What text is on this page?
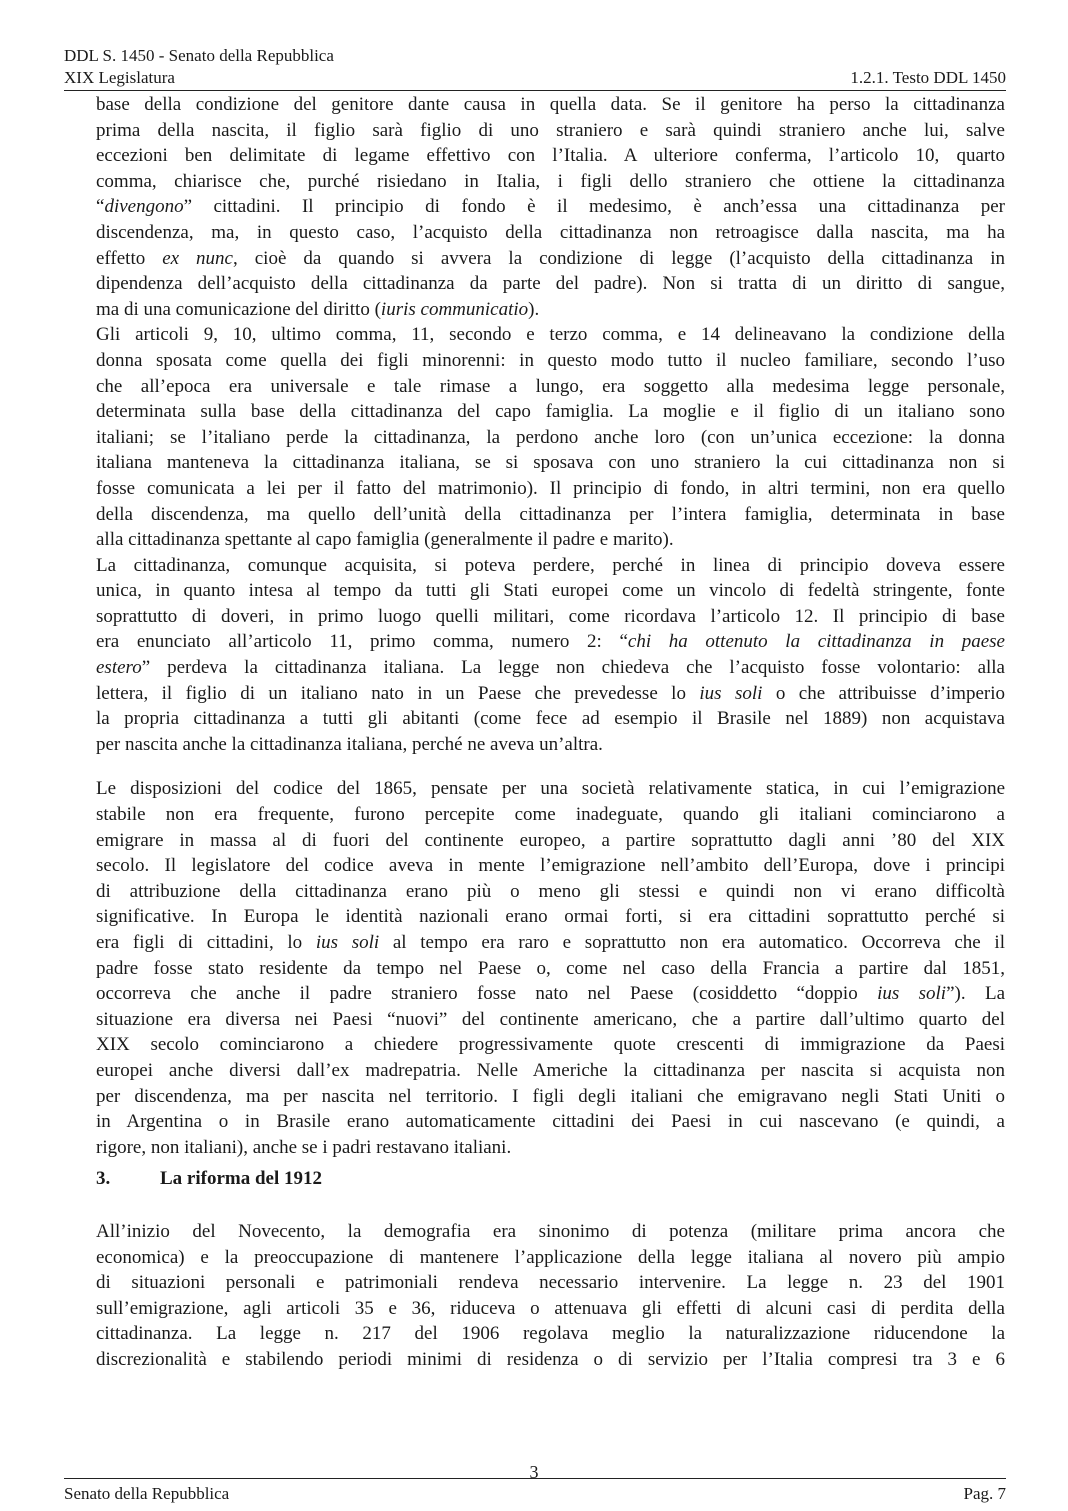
DDL S. 1450 - Senato della Repubblica
XIX Legislatura	1.2.1. Testo DDL 1450
base della condizione del genitore dante causa in quella data. Se il genitore ha perso la cittadinanza
prima della nascita, il figlio sarà figlio di uno straniero e sarà quindi straniero anche lui, salve
eccezioni ben delimitate di legame effettivo con l’Italia. A ulteriore conferma, l’articolo 10, quarto
comma, chiarisce che, purché risiedano in Italia, i figli dello straniero che ottiene la cittadinanza
“divengono” cittadini. Il principio di fondo è il medesimo, è anch’essa una cittadinanza per
discendenza, ma, in questo caso, l’acquisto della cittadinanza non retroagisce dalla nascita, ma ha
effetto ex nunc, cioè da quando si avvera la condizione di legge (l’acquisto della cittadinanza in
dipendenza dell’acquisto della cittadinanza da parte del padre). Non si tratta di un diritto di sangue,
ma di una comunicazione del diritto (iuris communicatio).
Gli articoli 9, 10, ultimo comma, 11, secondo e terzo comma, e 14 delineavano la condizione della
donna sposata come quella dei figli minorenni: in questo modo tutto il nucleo familiare, secondo l’uso
che all’epoca era universale e tale rimase a lungo, era soggetto alla medesima legge personale,
determinata sulla base della cittadinanza del capo famiglia. La moglie e il figlio di un italiano sono
italiani; se l’italiano perde la cittadinanza, la perdono anche loro (con un’unica eccezione: la donna
italiana manteneva la cittadinanza italiana, se si sposava con uno straniero la cui cittadinanza non si
fosse comunicata a lei per il fatto del matrimonio). Il principio di fondo, in altri termini, non era quello
della discendenza, ma quello dell’unità della cittadinanza per l’intera famiglia, determinata in base
alla cittadinanza spettante al capo famiglia (generalmente il padre e marito).
La cittadinanza, comunque acquisita, si poteva perdere, perché in linea di principio doveva essere
unica, in quanto intesa al tempo da tutti gli Stati europei come un vincolo di fedeltà stringente, fonte
soprattutto di doveri, in primo luogo quelli militari, come ricordava l’articolo 12. Il principio di base
era enunciato all’articolo 11, primo comma, numero 2: “chi ha ottenuto la cittadinanza in paese
estero” perdeva la cittadinanza italiana. La legge non chiedeva che l’acquisto fosse volontario: alla
lettera, il figlio di un italiano nato in un Paese che prevedesse lo ius soli o che attribuisse d’imperio
la propria cittadinanza a tutti gli abitanti (come fece ad esempio il Brasile nel 1889) non acquistava
per nascita anche la cittadinanza italiana, perché ne aveva un’altra.
Le disposizioni del codice del 1865, pensate per una società relativamente statica, in cui l’emigrazione
stabile non era frequente, furono percepite come inadeguate, quando gli italiani cominciarono a
emigrare in massa al di fuori del continente europeo, a partire soprattutto dagli anni ’80 del XIX
secolo. Il legislatore del codice aveva in mente l’emigrazione nell’ambito dell’Europa, dove i principi
di attribuzione della cittadinanza erano più o meno gli stessi e quindi non vi erano difficoltà
significative. In Europa le identità nazionali erano ormai forti, si era cittadini soprattutto perché si
era figli di cittadini, lo ius soli al tempo era raro e soprattutto non era automatico. Occorreva che il
padre fosse stato residente da tempo nel Paese o, come nel caso della Francia a partire dal 1851,
occorreva che anche il padre straniero fosse nato nel Paese (cosiddetto “doppio ius soli”). La
situazione era diversa nei Paesi “nuovi” del continente americano, che a partire dall’ultimo quarto del
XIX secolo cominciarono a chiedere progressivamente quote crescenti di immigrazione da Paesi
europei anche diversi dall’ex madrepatria. Nelle Americhe la cittadinanza per nascita si acquista non
per discendenza, ma per nascita nel territorio. I figli degli italiani che emigravano negli Stati Uniti o
in Argentina o in Brasile erano automaticamente cittadini dei Paesi in cui nascevano (e quindi, a
rigore, non italiani), anche se i padri restavano italiani.
3.	La riforma del 1912
All’inizio del Novecento, la demografia era sinonimo di potenza (militare prima ancora che
economica) e la preoccupazione di mantenere l’applicazione della legge italiana al novero più ampio
di situazioni personali e patrimoniali rendeva necessario intervenire. La legge n. 23 del 1901
sull’emigrazione, agli articoli 35 e 36, riduceva o attenuava gli effetti di alcuni casi di perdita della
cittadinanza. La legge n. 217 del 1906 regolava meglio la naturalizzazione riducendone la
discrezionalità e stabilendo periodi minimi di residenza o di servizio per l’Italia compresi tra 3 e 6
3
Senato della Repubblica	Pag. 7
